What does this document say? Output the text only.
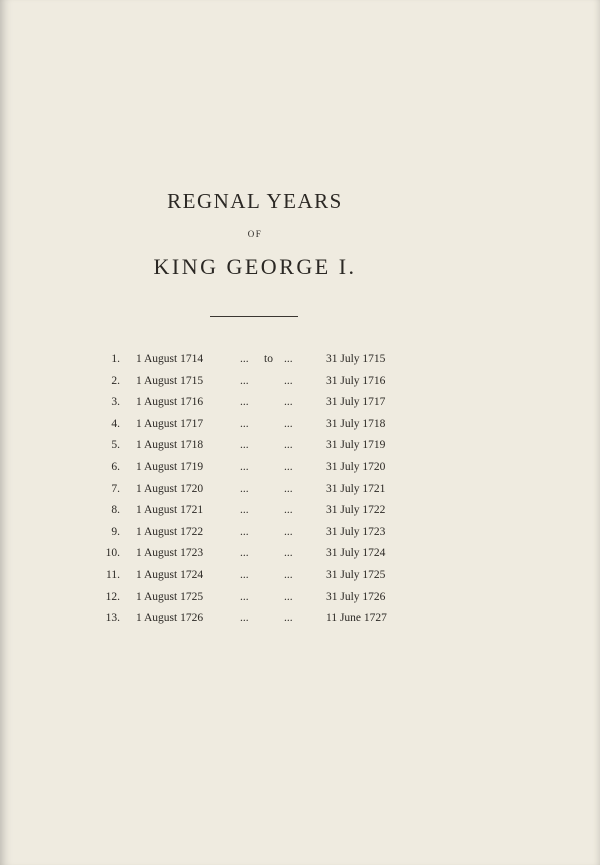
REGNAL YEARS
OF
KING GEORGE I.
1. 1 August 1714	... to ...	31 July 1715
2. 1 August 1715	...	...	31 July 1716
3. 1 August 1716	...	...	31 July 1717
4. 1 August 1717	...	...	31 July 1718
5. 1 August 1718	...	...	31 July 1719
6. 1 August 1719	...	...	31 July 1720
7. 1 August 1720	...	...	31 July 1721
8. 1 August 1721	...	...	31 July 1722
9. 1 August 1722	...	...	31 July 1723
10. 1 August 1723	...	...	31 July 1724
11. 1 August 1724	...	...	31 July 1725
12. 1 August 1725	...	...	31 July 1726
13. 1 August 1726	...	...	11 June 1727
